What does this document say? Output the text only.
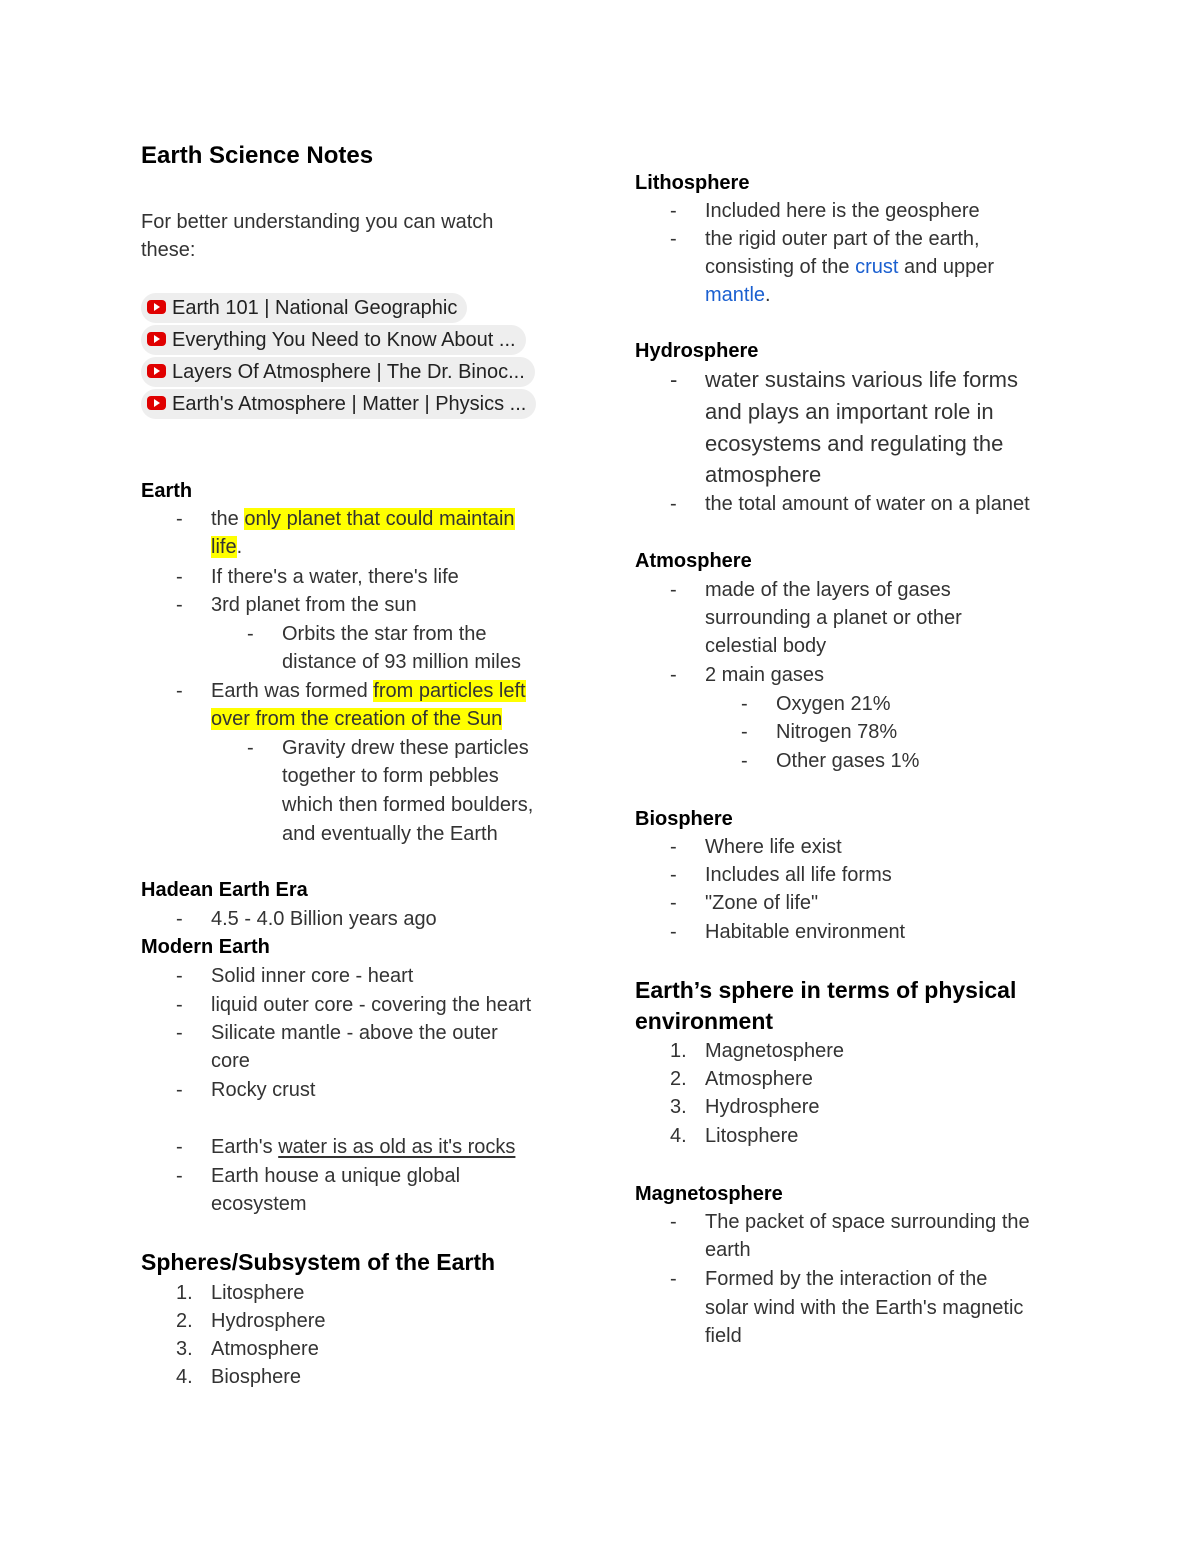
Earth Science Notes
For better understanding you can watch
these:
Earth 101 | National Geographic
Everything You Need to Know About ...
Layers Of Atmosphere | The Dr. Binoc...
Earth's Atmosphere | Matter | Physics ...
Earth
- the only planet that could maintain
life.
- If there's a water, there's life
- 3rd planet from the sun
- Orbits the star from the
distance of 93 million miles
- Earth was formed from particles left
over from the creation of the Sun
- Gravity drew these particles
together to form pebbles
which then formed boulders,
and eventually the Earth
Hadean Earth Era
- 4.5 - 4.0 Billion years ago
Modern Earth
- Solid inner core - heart
- liquid outer core - covering the heart
- Silicate mantle - above the outer
core
- Rocky crust
- Earth's water is as old as it's rocks
- Earth house a unique global
ecosystem
Spheres/Subsystem of the Earth
1. Litosphere
2. Hydrosphere
3. Atmosphere
4. Biosphere
Lithosphere
- Included here is the geosphere
- the rigid outer part of the earth,
consisting of the crust and upper
mantle.
Hydrosphere
- water sustains various life forms
and plays an important role in
ecosystems and regulating the
atmosphere
- the total amount of water on a planet
Atmosphere
- made of the layers of gases
surrounding a planet or other
celestial body
- 2 main gases
- Oxygen 21%
- Nitrogen 78%
- Other gases 1%
Biosphere
- Where life exist
- Includes all life forms
- "Zone of life"
- Habitable environment
Earth’s sphere in terms of physical
environment
1. Magnetosphere
2. Atmosphere
3. Hydrosphere
4. Litosphere
Magnetosphere
- The packet of space surrounding the
earth
- Formed by the interaction of the
solar wind with the Earth's magnetic
field
